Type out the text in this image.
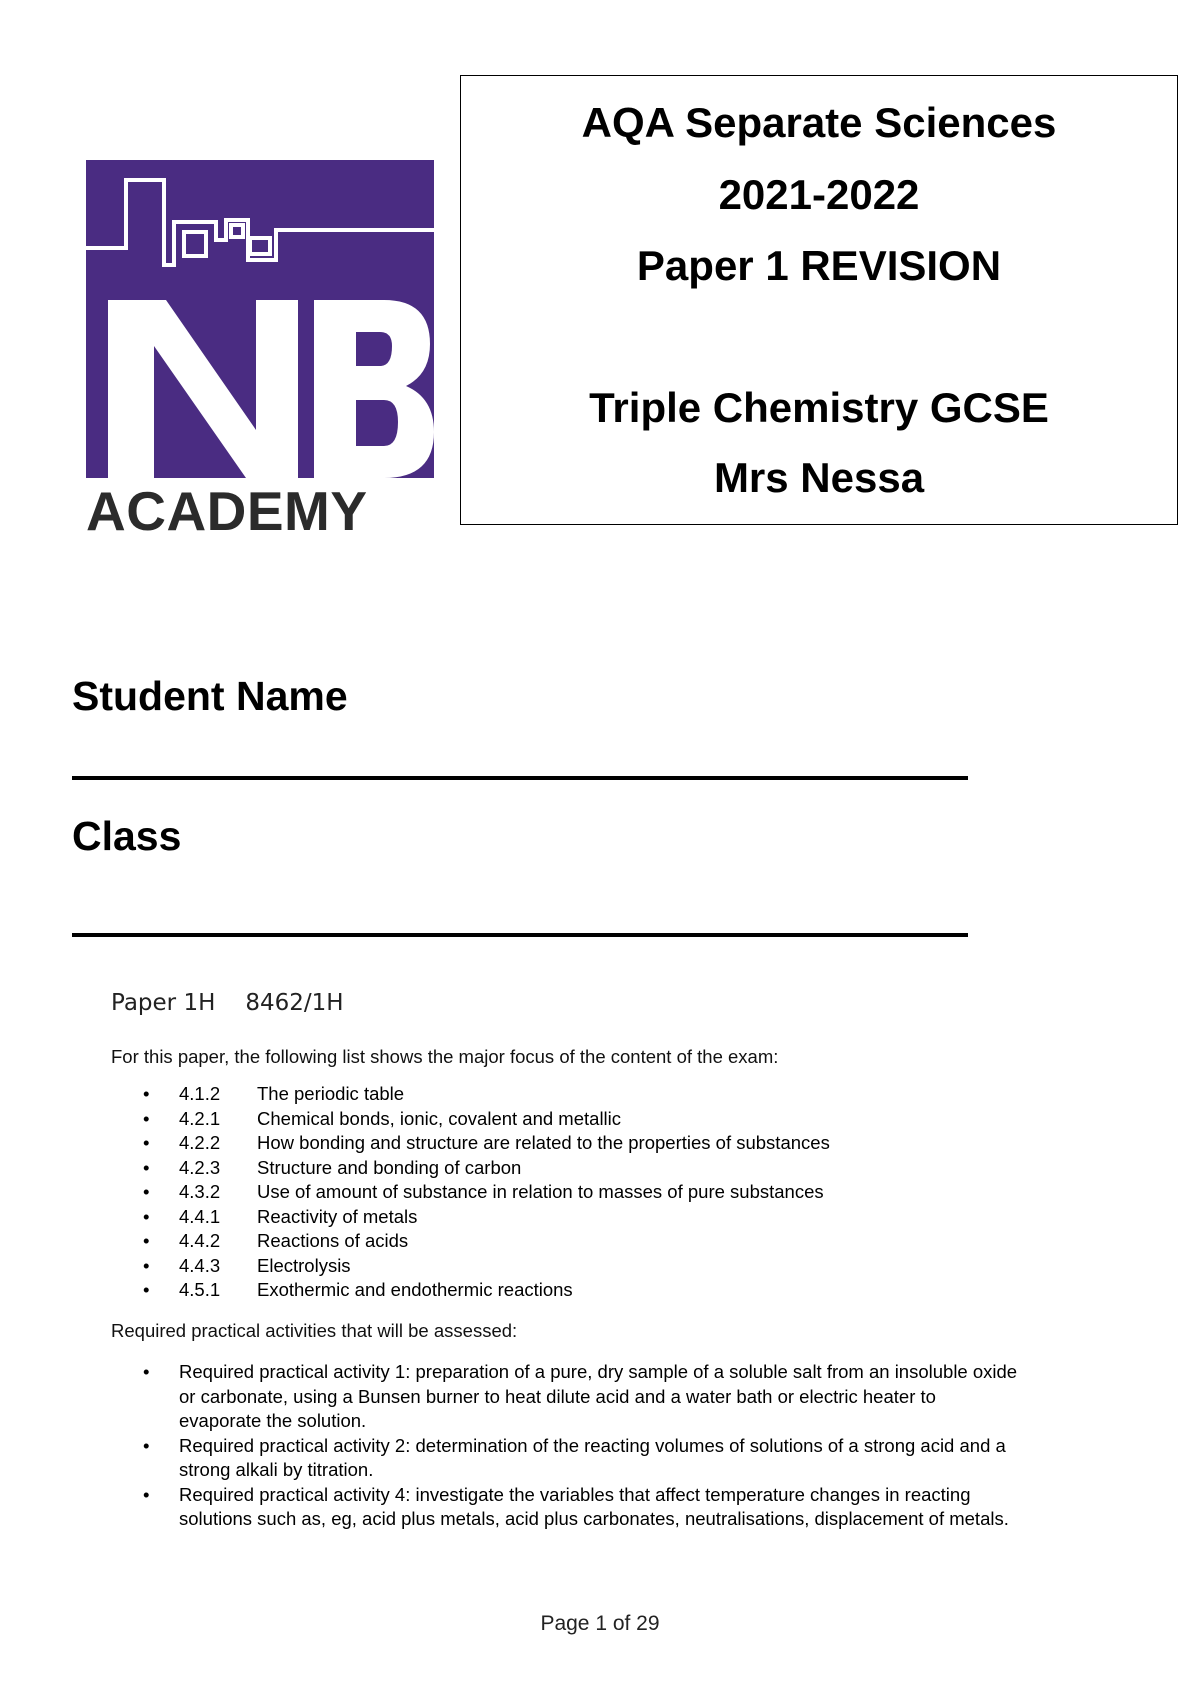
ACADEMY
AQA Separate Sciences
2021-2022
Paper 1 REVISION
Triple Chemistry GCSE
Mrs Nessa
Student Name
Class
Paper 1H 8462/1H
For this paper, the following list shows the major focus of the content of the exam:
• 4.1.2 The periodic table
• 4.2.1 Chemical bonds, ionic, covalent and metallic
• 4.2.2 How bonding and structure are related to the properties of substances
• 4.2.3 Structure and bonding of carbon
• 4.3.2 Use of amount of substance in relation to masses of pure substances
• 4.4.1 Reactivity of metals
• 4.4.2 Reactions of acids
• 4.4.3 Electrolysis
• 4.5.1 Exothermic and endothermic reactions
Required practical activities that will be assessed:
• Required practical activity 1: preparation of a pure, dry sample of a soluble salt from an insoluble oxide or carbonate, using a Bunsen burner to heat dilute acid and a water bath or electric heater to evaporate the solution.
• Required practical activity 2: determination of the reacting volumes of solutions of a strong acid and a strong alkali by titration.
• Required practical activity 4: investigate the variables that affect temperature changes in reacting solutions such as, eg, acid plus metals, acid plus carbonates, neutralisations, displacement of metals.
Page 1 of 29
